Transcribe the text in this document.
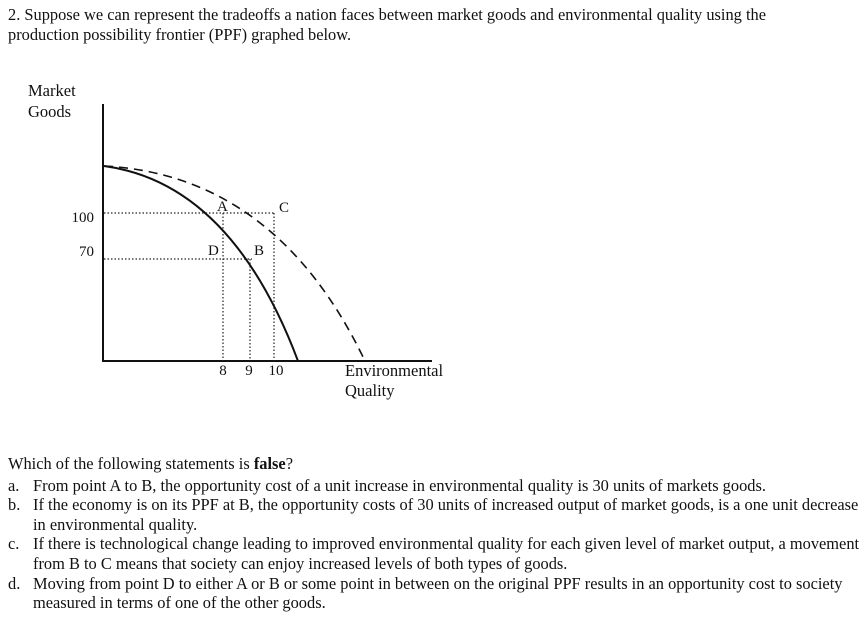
2. Suppose we can represent the tradeoffs a nation faces between market goods and environmental quality using the
production possibility frontier (PPF) graphed below.
Market
Goods
Environmental
Quality
100
70
8 9 10
A
B
C
D

Which of the following statements is false?

a. From point A to B, the opportunity cost of a unit increase in environmental quality is 30 units of markets goods.

b. If the economy is on its PPF at B, the opportunity costs of 30 units of increased output of market goods, is a one unit decrease in environmental quality.

c. If there is technological change leading to improved environmental quality for each given level of market output, a movement from B to C means that society can enjoy increased levels of both types of goods.

d. Moving from point D to either A or B or some point in between on the original PPF results in an opportunity cost to society measured in terms of one of the other goods.
